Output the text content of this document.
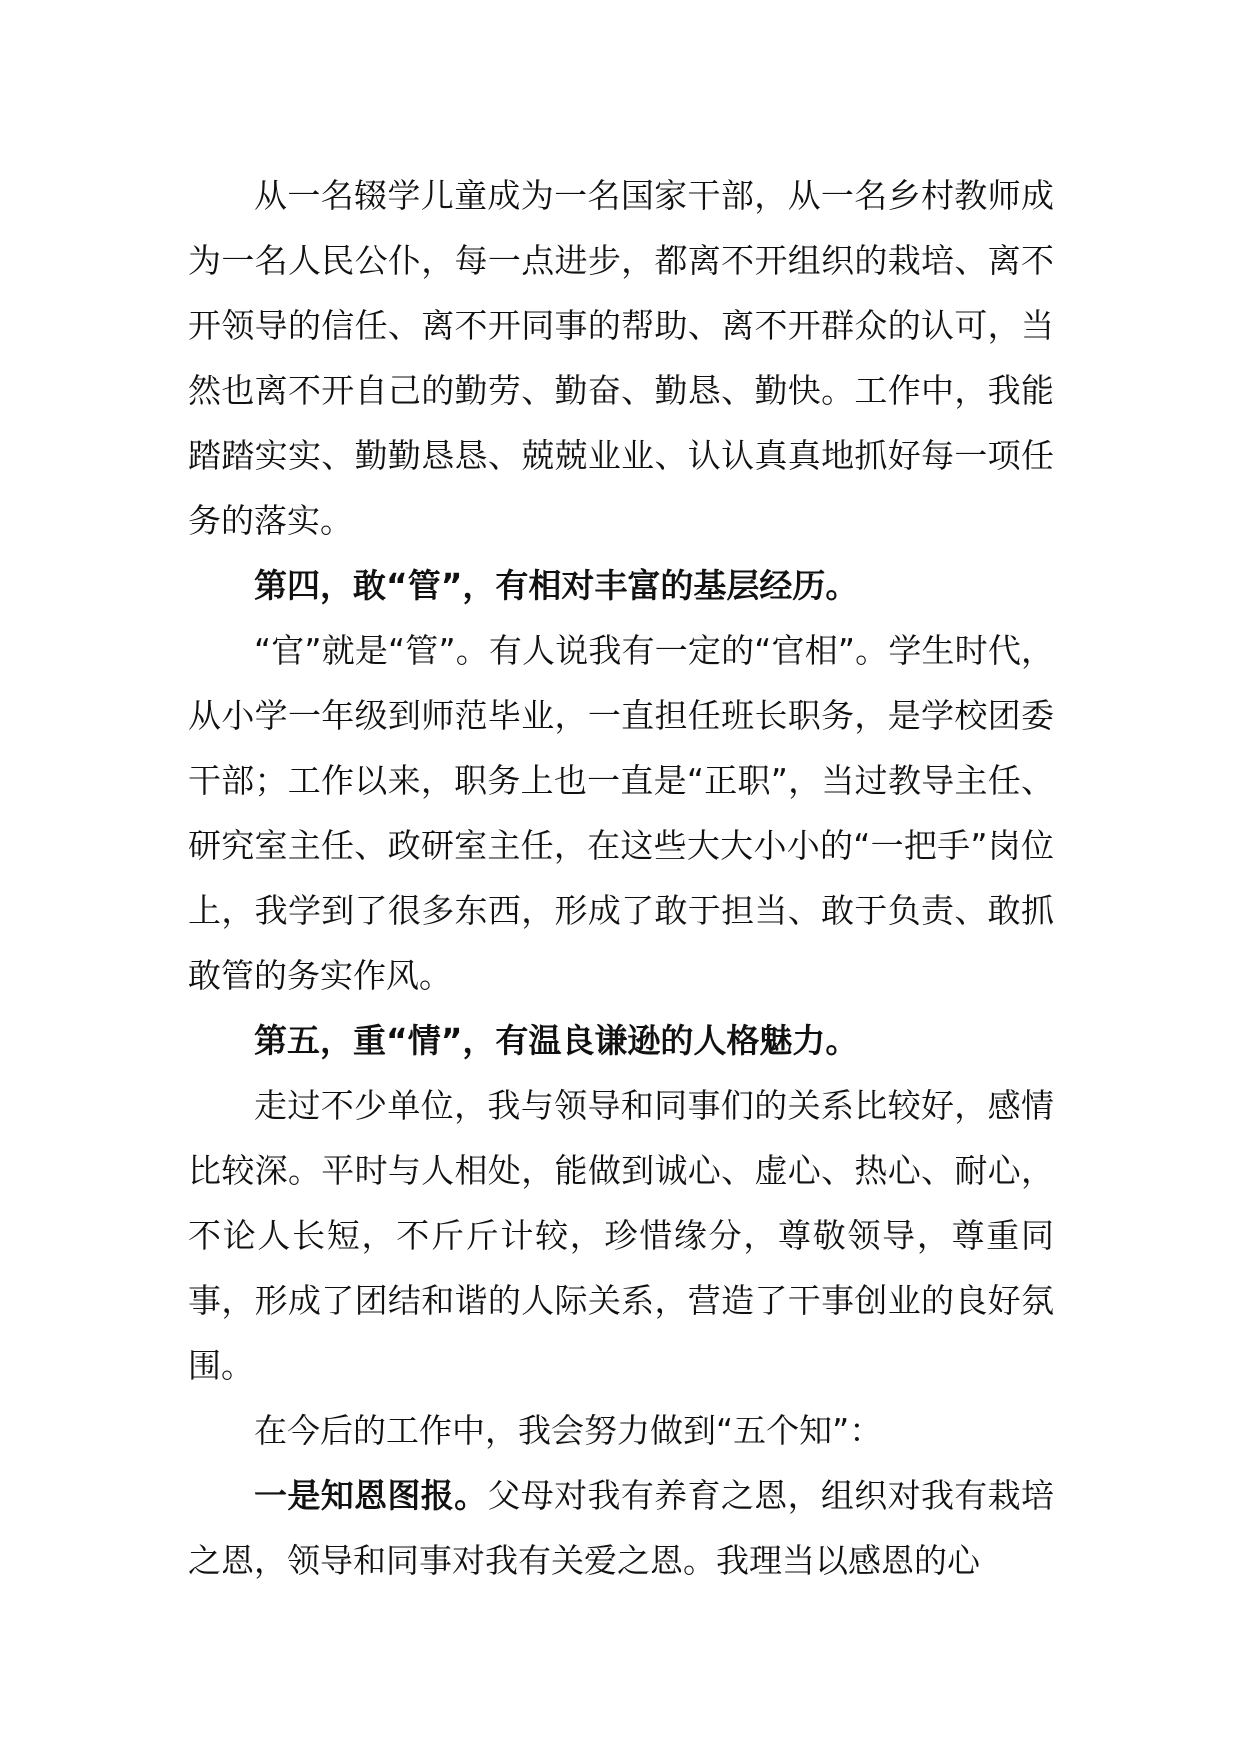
从一名辍学儿童成为一名国家干部，从一名乡村教师成为一名人民公仆，每一点进步，都离不开组织的栽培、离不开领导的信任、离不开同事的帮助、离不开群众的认可，当然也离不开自己的勤劳、勤奋、勤恳、勤快。工作中，我能踏踏实实、勤勤恳恳、兢兢业业、认认真真地抓好每一项任务的落实。

第四，敢“管”，有相对丰富的基层经历。

“官”就是“管”。有人说我有一定的“官相”。学生时代，从小学一年级到师范毕业，一直担任班长职务，是学校团委干部；工作以来，职务上也一直是“正职”，当过教导主任、研究室主任、政研室主任，在这些大大小小的“一把手”岗位上，我学到了很多东西，形成了敢于担当、敢于负责、敢抓敢管的务实作风。

第五，重“情”，有温良谦逊的人格魅力。

走过不少单位，我与领导和同事们的关系比较好，感情比较深。平时与人相处，能做到诚心、虚心、热心、耐心，不论人长短，不斤斤计较，珍惜缘分，尊敬领导，尊重同事，形成了团结和谐的人际关系，营造了干事创业的良好氛围。

在今后的工作中，我会努力做到“五个知”：

一是知恩图报。父母对我有养育之恩，组织对我有栽培之恩，领导和同事对我有关爱之恩。我理当以感恩的心
